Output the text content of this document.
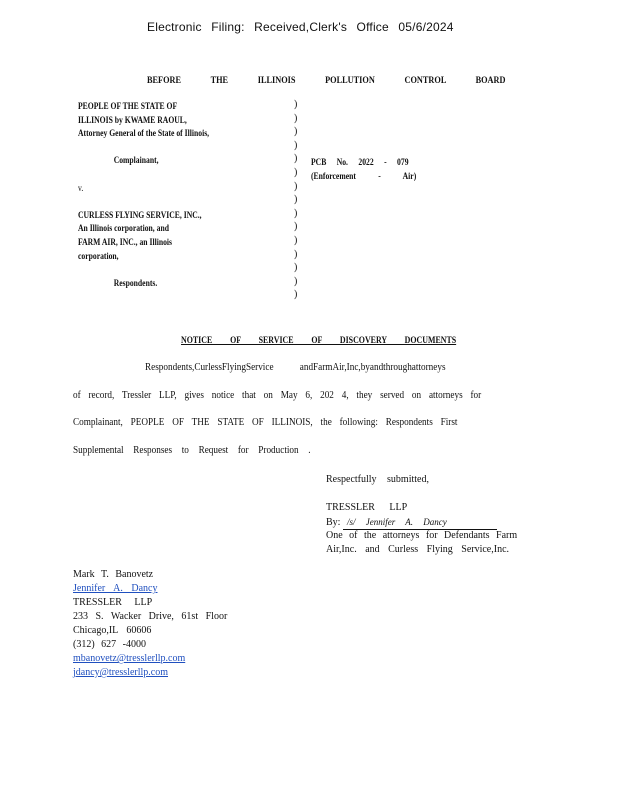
Electronic Filing: Received,Clerk's Office 05/6/2024
BEFORE THE ILLINOIS POLLUTION CONTROL BOARD
PEOPLE OF THE STATE OF
ILLINOIS by KWAME RAOUL,
Attorney General of the State of Illinois,
Complainant,
v.
CURLESS FLYING SERVICE, INC.,
An Illinois corporation, and
FARM AIR, INC., an Illinois
corporation,
Respondents.
)
)
)
)
)
)
)
)
)
)
)
)
)
)
)
PCB No. 2022 - 079
(Enforcement - Air)
NOTICE OF SERVICE OF DISCOVERY DOCUMENTS
Respondents,CurlessFlyingService andFarmAir,Inc,byandthroughattorneys
of record, Tressler LLP, gives notice that on May 6, 202 4, they served on attorneys for
Complainant, PEOPLE OF THE STATE OF ILLINOIS, the following: Respondents First
Supplemental Responses to Request for Production .
Respectfully submitted,
TRESSLER LLP
By: /s/ Jennifer A. Dancy
One of the attorneys for Defendants Farm
Air,Inc. and Curless Flying Service,Inc.
Mark T. Banovetz
Jennifer A. Dancy
TRESSLER LLP
233 S. Wacker Drive, 61st Floor
Chicago,IL 60606
(312) 627 -4000
mbanovetz@tresslerllp.com
jdancy@tresslerllp.com
